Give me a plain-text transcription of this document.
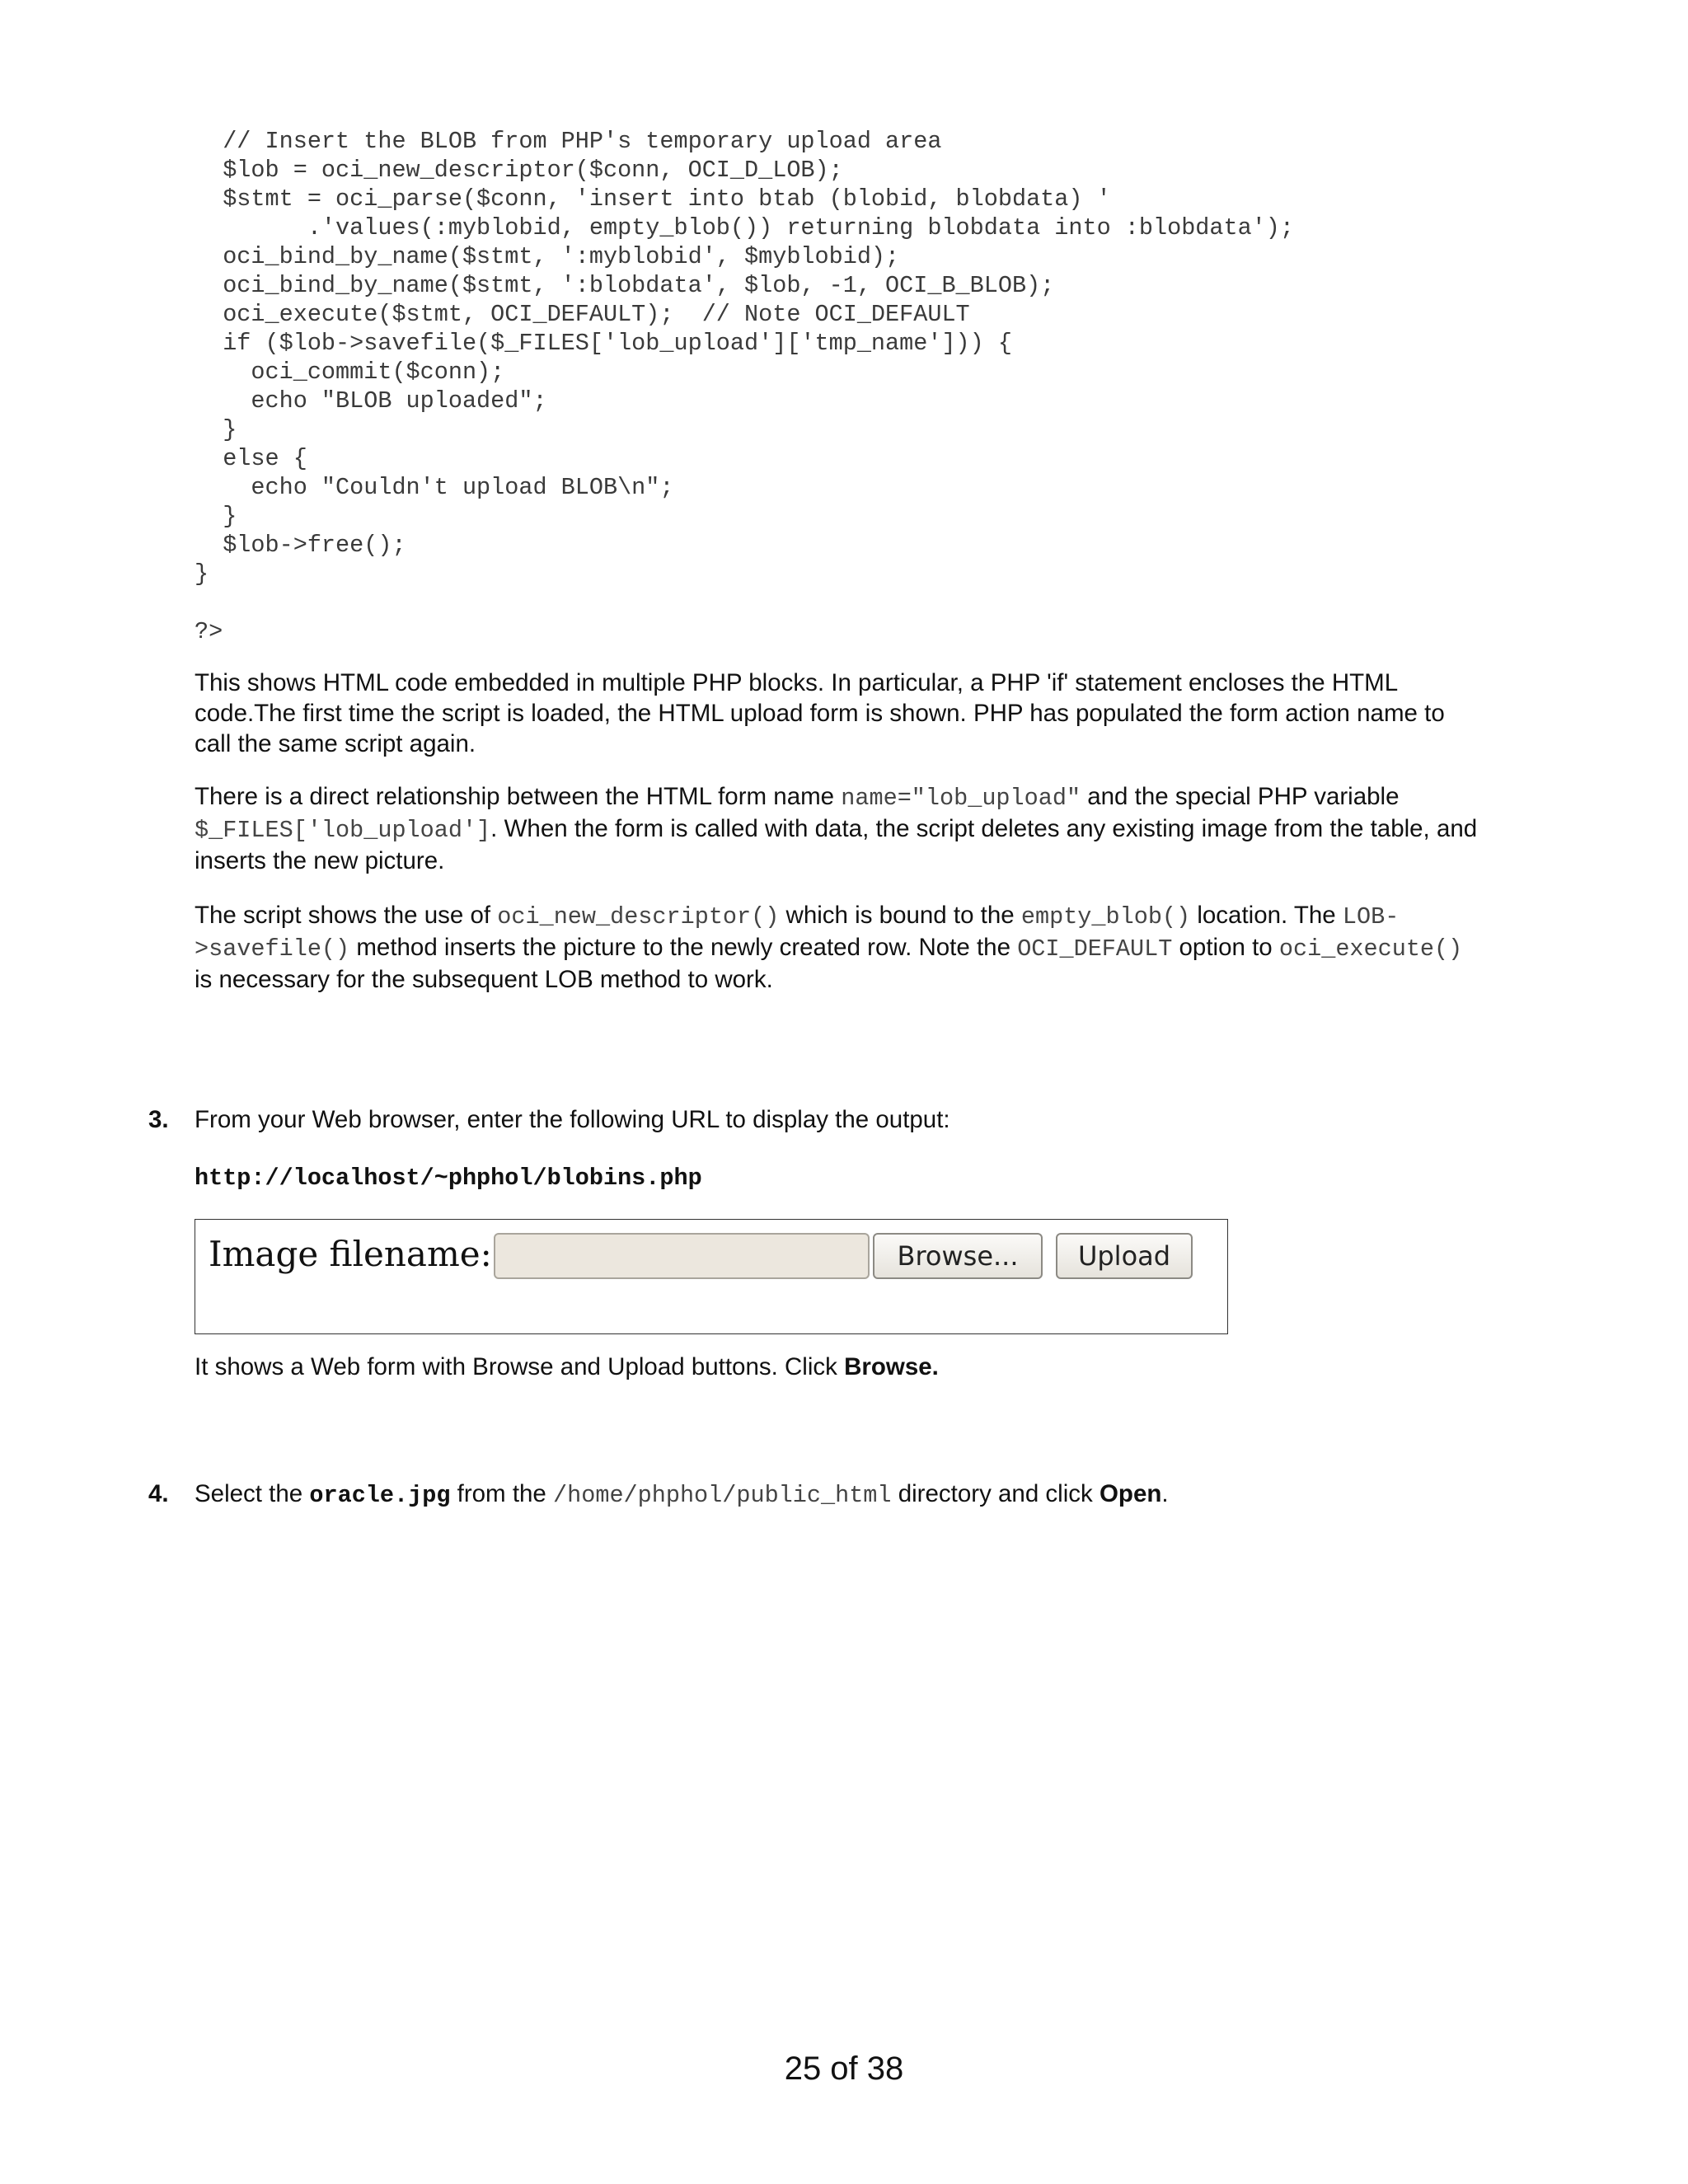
// Insert the BLOB from PHP's temporary upload area
$lob = oci_new_descriptor($conn, OCI_D_LOB);
$stmt = oci_parse($conn, 'insert into btab (blobid, blobdata) '
.'values(:myblobid, empty_blob()) returning blobdata into :blobdata');
oci_bind_by_name($stmt, ':myblobid', $myblobid);
oci_bind_by_name($stmt, ':blobdata', $lob, -1, OCI_B_BLOB);
oci_execute($stmt, OCI_DEFAULT);  // Note OCI_DEFAULT
if ($lob->savefile($_FILES['lob_upload']['tmp_name'])) {
oci_commit($conn);
echo "BLOB uploaded";
}
else {
echo "Couldn't upload BLOB\n";
}
$lob->free();
}
?>

This shows HTML code embedded in multiple PHP blocks. In particular, a PHP 'if' statement encloses the HTML code.The first time the script is loaded, the HTML upload form is shown. PHP has populated the form action name to call the same script again.

There is a direct relationship between the HTML form name name="lob_upload" and the special PHP variable $_FILES['lob_upload']. When the form is called with data, the script deletes any existing image from the table, and inserts the new picture.

The script shows the use of oci_new_descriptor() which is bound to the empty_blob() location. The LOB->savefile() method inserts the picture to the newly created row. Note the OCI_DEFAULT option to oci_execute() is necessary for the subsequent LOB method to work.

3. From your Web browser, enter the following URL to display the output:
http://localhost/~phphol/blobins.php
Image filename:	Browse...	Upload
It shows a Web form with Browse and Upload buttons. Click Browse.
4. Select the oracle.jpg from the /home/phphol/public_html directory and click Open.
25 of 38
